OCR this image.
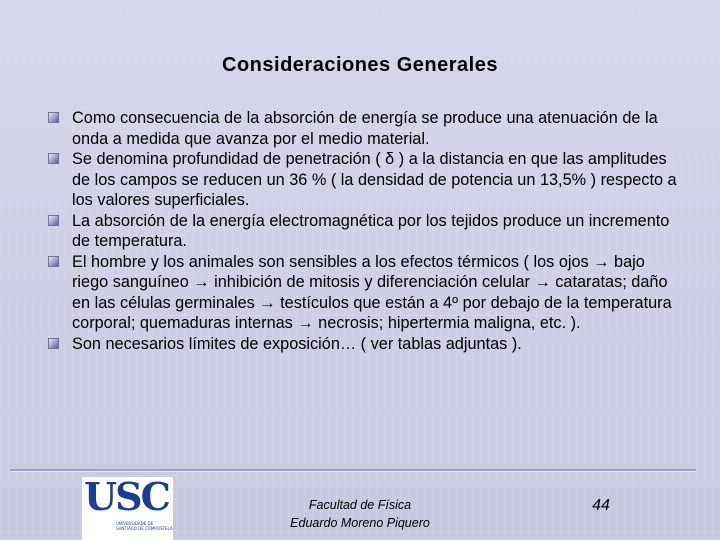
Consideraciones Generales
Como consecuencia de la absorción de energía se produce una atenuación de la onda a medida que avanza por el medio material.
Se denomina profundidad de penetración ( δ ) a la distancia en que las amplitudes de los campos se reducen un 36 % ( la densidad de potencia un 13,5% ) respecto a los valores superficiales.
La absorción de la energía electromagnética por los tejidos produce un incremento de temperatura.
El hombre y los animales son sensibles a los efectos térmicos ( los ojos → bajo riego sanguíneo → inhibición de mitosis y diferenciación celular → cataratas; daño en las células germinales → testículos que están a 4º por debajo de la temperatura corporal; quemaduras internas → necrosis; hipertermia maligna, etc. ).
Son necesarios límites de exposición… ( ver tablas adjuntas ).
USC
UNIVERSIDADE DE SANTIAGO DE COMPOSTELA
Facultad de Física
Eduardo Moreno Piquero
44
